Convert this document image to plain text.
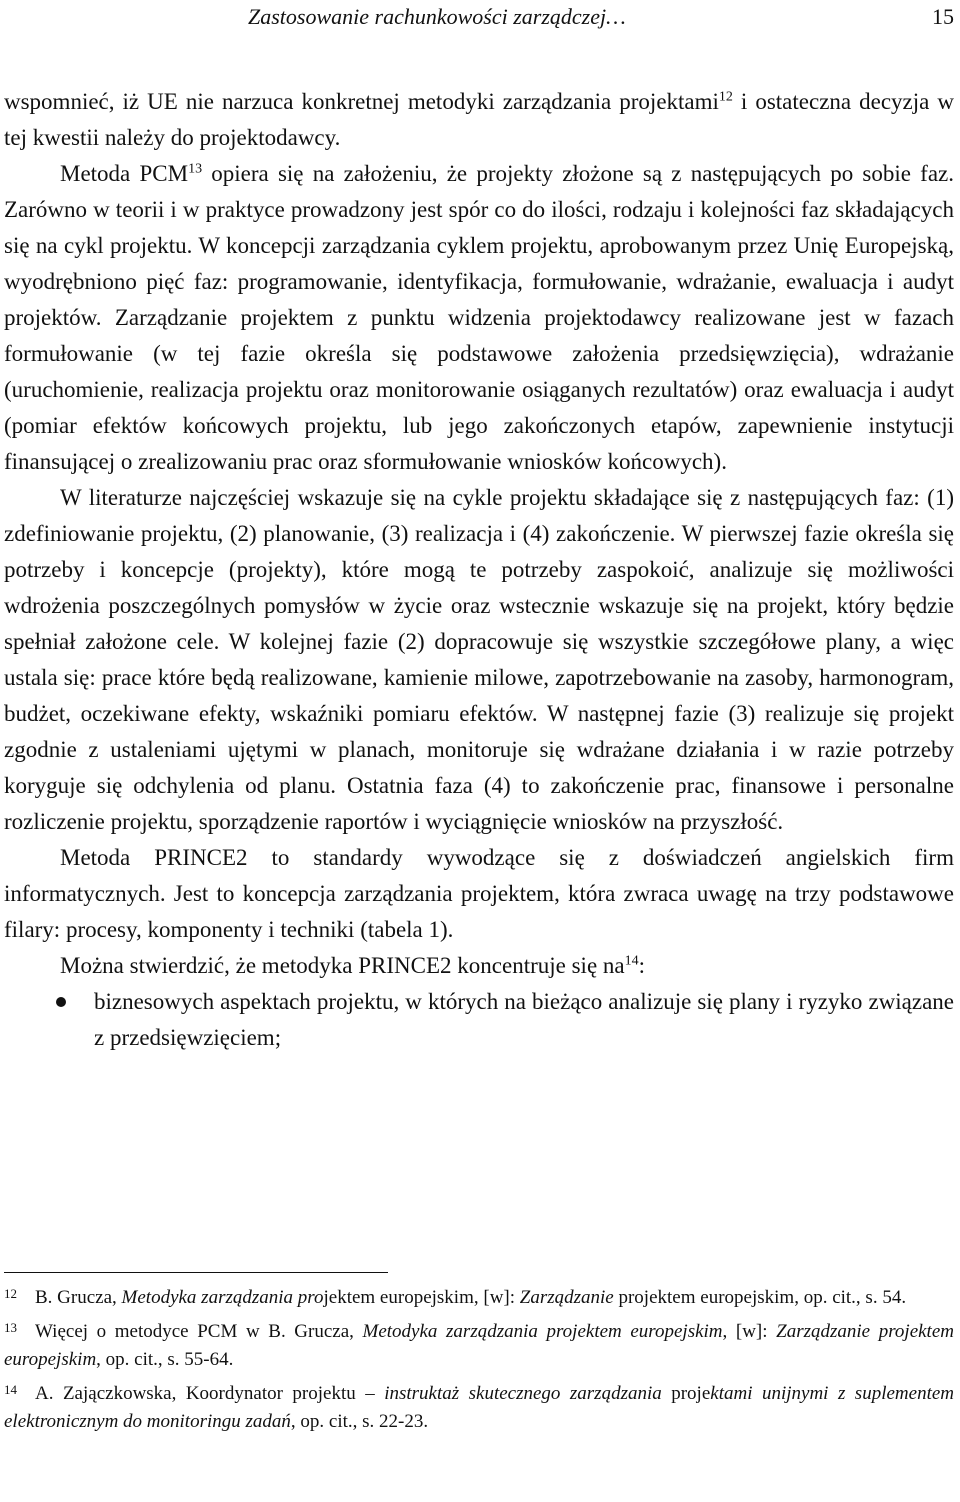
Zastosowanie rachunkowości zarządczej…	15

wspomnieć, iż UE nie narzuca konkretnej metodyki zarządzania projektami$^{12}$ i ostateczna decyzja w tej kwestii należy do projektodawcy.

Metoda PCM$^{13}$ opiera się na założeniu, że projekty złożone są z następujących po sobie faz. Zarówno w teorii i w praktyce prowadzony jest spór co do ilości, rodzaju i kolejności faz składających się na cykl projektu. W koncepcji zarządzania cyklem projektu, aprobowanym przez Unię Europejską, wyodrębniono pięć faz: programowanie, identyfikacja, formułowanie, wdrażanie, ewaluacja i audyt projektów. Zarządzanie projektem z punktu widzenia projektodawcy realizowane jest w fazach formułowanie (w tej fazie określa się podstawowe założenia przedsięwzięcia), wdrażanie (uruchomienie, realizacja projektu oraz monitorowanie osiąganych rezultatów) oraz ewaluacja i audyt (pomiar efektów końcowych projektu, lub jego zakończonych etapów, zapewnienie instytucji finansującej o zrealizowaniu prac oraz sformułowanie wniosków końcowych).

W literaturze najczęściej wskazuje się na cykle projektu składające się z następujących faz: (1) zdefiniowanie projektu, (2) planowanie, (3) realizacja i (4) zakończenie. W pierwszej fazie określa się potrzeby i koncepcje (projekty), które mogą te potrzeby zaspokoić, analizuje się możliwości wdrożenia poszczególnych pomysłów w życie oraz wstecznie wskazuje się na projekt, który będzie spełniał założone cele. W kolejnej fazie (2) dopracowuje się wszystkie szczegółowe plany, a więc ustala się: prace które będą realizowane, kamienie milowe, zapotrzebowanie na zasoby, harmonogram, budżet, oczekiwane efekty, wskaźniki pomiaru efektów. W następnej fazie (3) realizuje się projekt zgodnie z ustaleniami ujętymi w planach, monitoruje się wdrażane działania i w razie potrzeby koryguje się odchylenia od planu. Ostatnia faza (4) to zakończenie prac, finansowe i personalne rozliczenie projektu, sporządzenie raportów i wyciągnięcie wniosków na przyszłość.

Metoda PRINCE2 to standardy wywodzące się z doświadczeń angielskich firm informatycznych. Jest to koncepcja zarządzania projektem, która zwraca uwagę na trzy podstawowe filary: procesy, komponenty i techniki (tabela 1).

Można stwierdzić, że metodyka PRINCE2 koncentruje się $na^{14}$:

biznesowych aspektach projektu, w których na bieżąco analizuje się plany i ryzyko związane z przedsięwzięciem;

$^{12}$ B. Grucza, Metodyka zarządzania projektem europejskim, [w]: Zarządzanie projektem europejskim, op. cit., s. 54.

$^{13}$ Więcej o metodyce PCM w B. Grucza, Metodyka zarządzania projektem europejskim, [w]: Zarządzanie projektem europejskim, op. cit., s. 55-64.

$^{14}$ A. Zajączkowska, Koordynator projektu – instruktaż skutecznego zarządzania projektami unijnymi z suplementem elektronicznym do monitoringu zadań, op. cit., s. 22-23.
